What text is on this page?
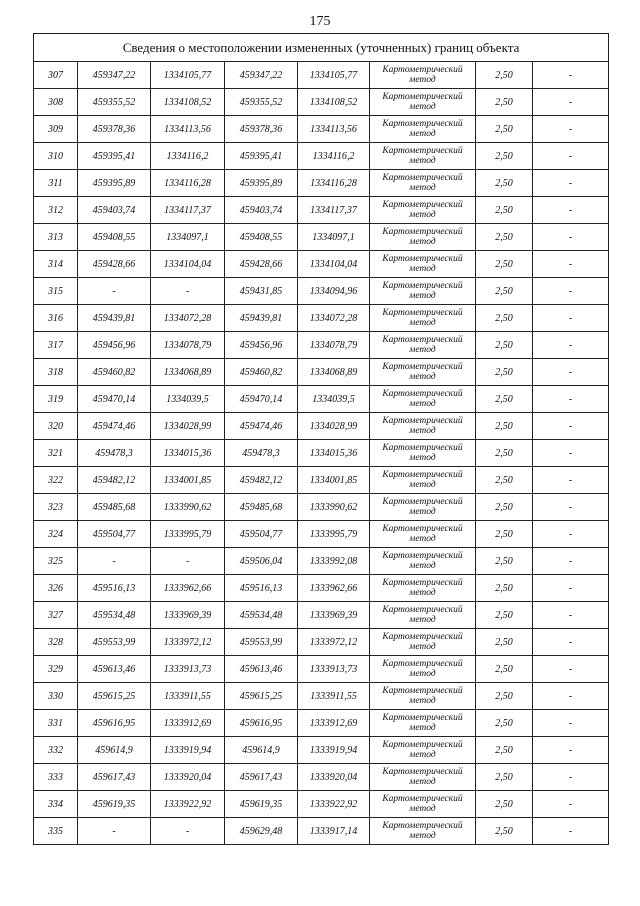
175
Сведения о местоположении измененных (уточненных) границ объекта							
307	459347,22	1334105,77	459347,22	1334105,77	Картометрический метод	2,50	-
308	459355,52	1334108,52	459355,52	1334108,52	Картометрический метод	2,50	-
309	459378,36	1334113,56	459378,36	1334113,56	Картометрический метод	2,50	-
310	459395,41	1334116,2	459395,41	1334116,2	Картометрический метод	2,50	-
311	459395,89	1334116,28	459395,89	1334116,28	Картометрический метод	2,50	-
312	459403,74	1334117,37	459403,74	1334117,37	Картометрический метод	2,50	-
313	459408,55	1334097,1	459408,55	1334097,1	Картометрический метод	2,50	-
314	459428,66	1334104,04	459428,66	1334104,04	Картометрический метод	2,50	-
315	-	-	459431,85	1334094,96	Картометрический метод	2,50	-
316	459439,81	1334072,28	459439,81	1334072,28	Картометрический метод	2,50	-
317	459456,96	1334078,79	459456,96	1334078,79	Картометрический метод	2,50	-
318	459460,82	1334068,89	459460,82	1334068,89	Картометрический метод	2,50	-
319	459470,14	1334039,5	459470,14	1334039,5	Картометрический метод	2,50	-
320	459474,46	1334028,99	459474,46	1334028,99	Картометрический метод	2,50	-
321	459478,3	1334015,36	459478,3	1334015,36	Картометрический метод	2,50	-
322	459482,12	1334001,85	459482,12	1334001,85	Картометрический метод	2,50	-
323	459485,68	1333990,62	459485,68	1333990,62	Картометрический метод	2,50	-
324	459504,77	1333995,79	459504,77	1333995,79	Картометрический метод	2,50	-
325	-	-	459506,04	1333992,08	Картометрический метод	2,50	-
326	459516,13	1333962,66	459516,13	1333962,66	Картометрический метод	2,50	-
327	459534,48	1333969,39	459534,48	1333969,39	Картометрический метод	2,50	-
328	459553,99	1333972,12	459553,99	1333972,12	Картометрический метод	2,50	-
329	459613,46	1333913,73	459613,46	1333913,73	Картометрический метод	2,50	-
330	459615,25	1333911,55	459615,25	1333911,55	Картометрический метод	2,50	-
331	459616,95	1333912,69	459616,95	1333912,69	Картометрический метод	2,50	-
332	459614,9	1333919,94	459614,9	1333919,94	Картометрический метод	2,50	-
333	459617,43	1333920,04	459617,43	1333920,04	Картометрический метод	2,50	-
334	459619,35	1333922,92	459619,35	1333922,92	Картометрический метод	2,50	-
335	-	-	459629,48	1333917,14	Картометрический метод	2,50	-
